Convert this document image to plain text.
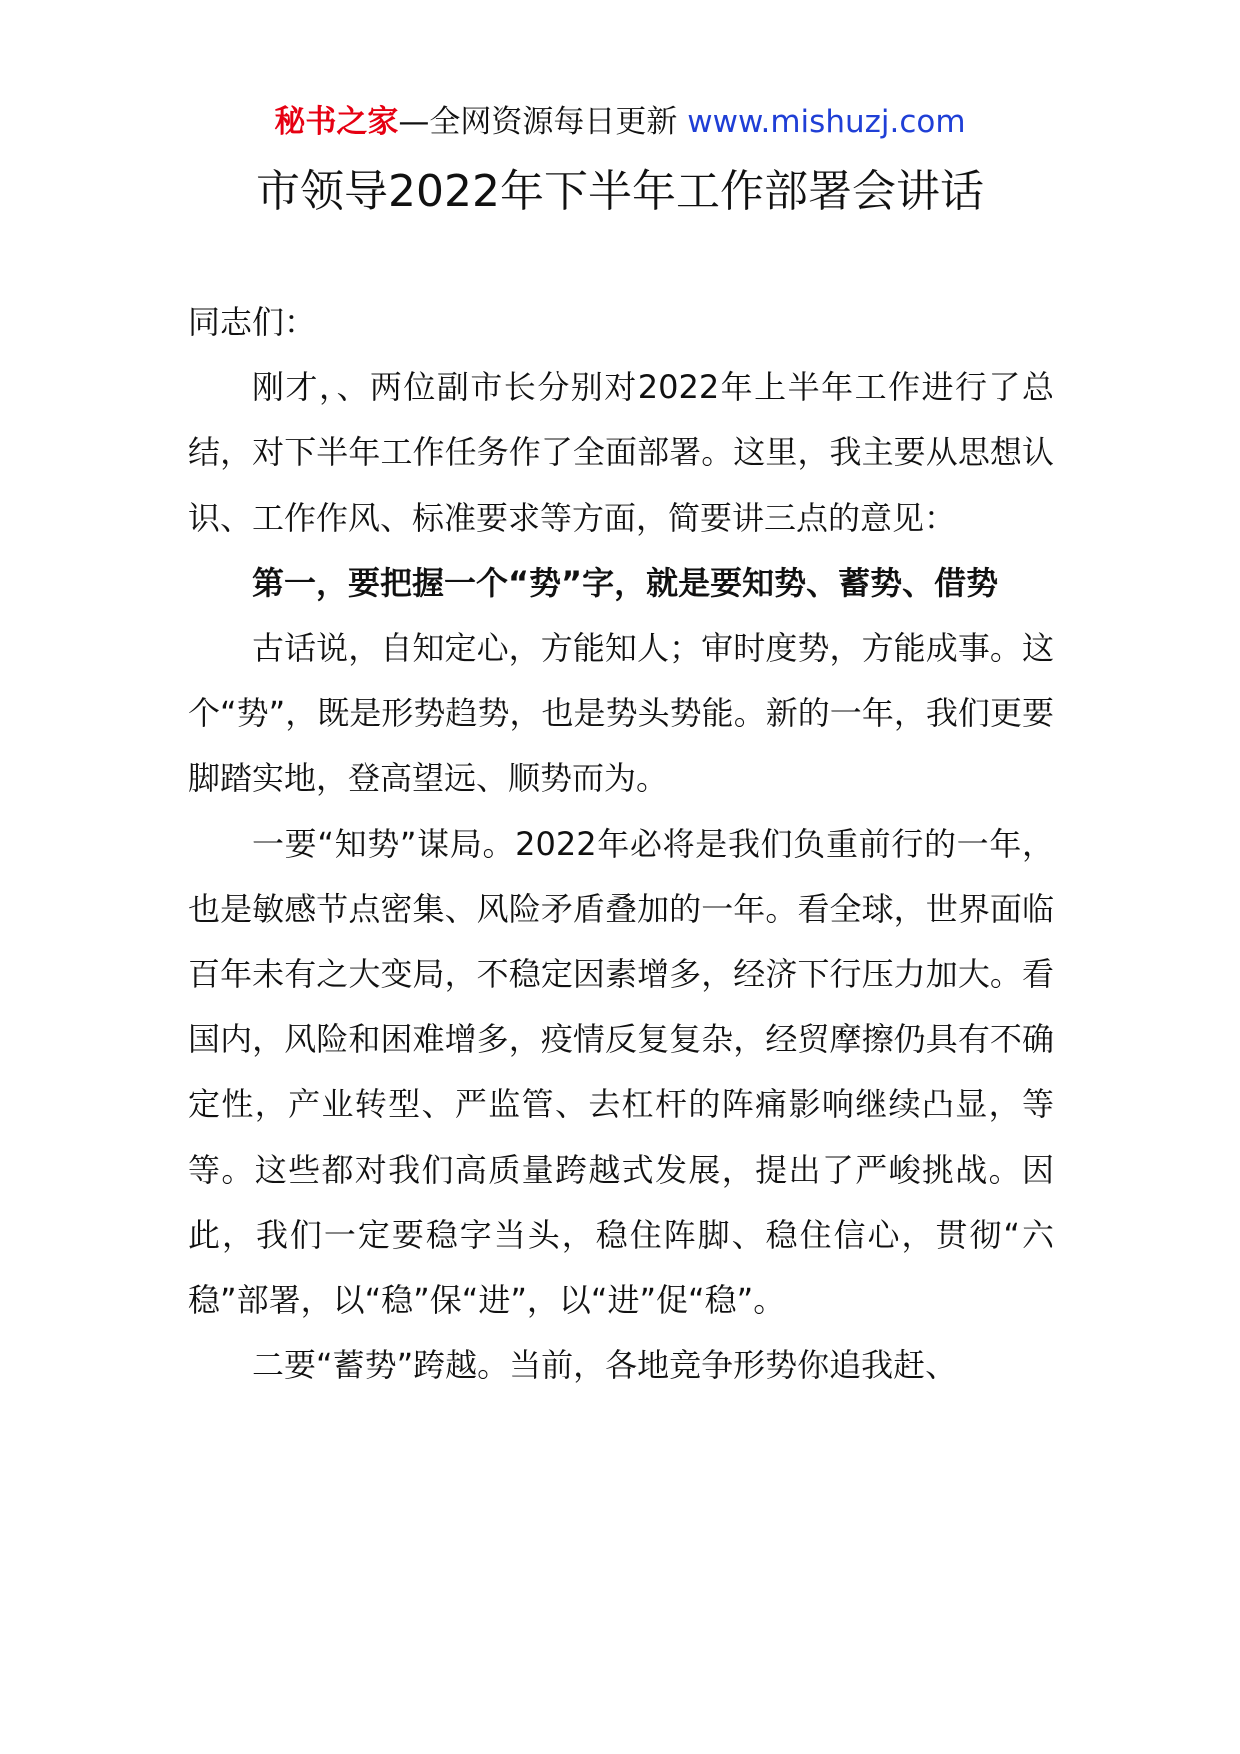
秘书之家—全网资源每日更新 www.mishuzj.com
市领导2022年下半年工作部署会讲话

同志们：

刚才，、两位副市长分别对2022年上半年工作进行了总结，对下半年工作任务作了全面部署。这里，我主要从思想认识、工作作风、标准要求等方面，简要讲三点的意见：

第一，要把握一个“势”字，就是要知势、蓄势、借势

古话说，自知定心，方能知人；审时度势，方能成事。这个“势”，既是形势趋势，也是势头势能。新的一年，我们更要脚踏实地，登高望远、顺势而为。

一要“知势”谋局。2022年必将是我们负重前行的一年，也是敏感节点密集、风险矛盾叠加的一年。看全球，世界面临百年未有之大变局，不稳定因素增多，经济下行压力加大。看国内，风险和困难增多，疫情反复复杂，经贸摩擦仍具有不确定性，产业转型、严监管、去杠杆的阵痛影响继续凸显，等等。这些都对我们高质量跨越式发展，提出了严峻挑战。因此，我们一定要稳字当头，稳住阵脚、稳住信心，贯彻“六稳”部署，以“稳”保“进”，以“进”促“稳”。

二要“蓄势”跨越。当前，各地竞争形势你追我赶、
